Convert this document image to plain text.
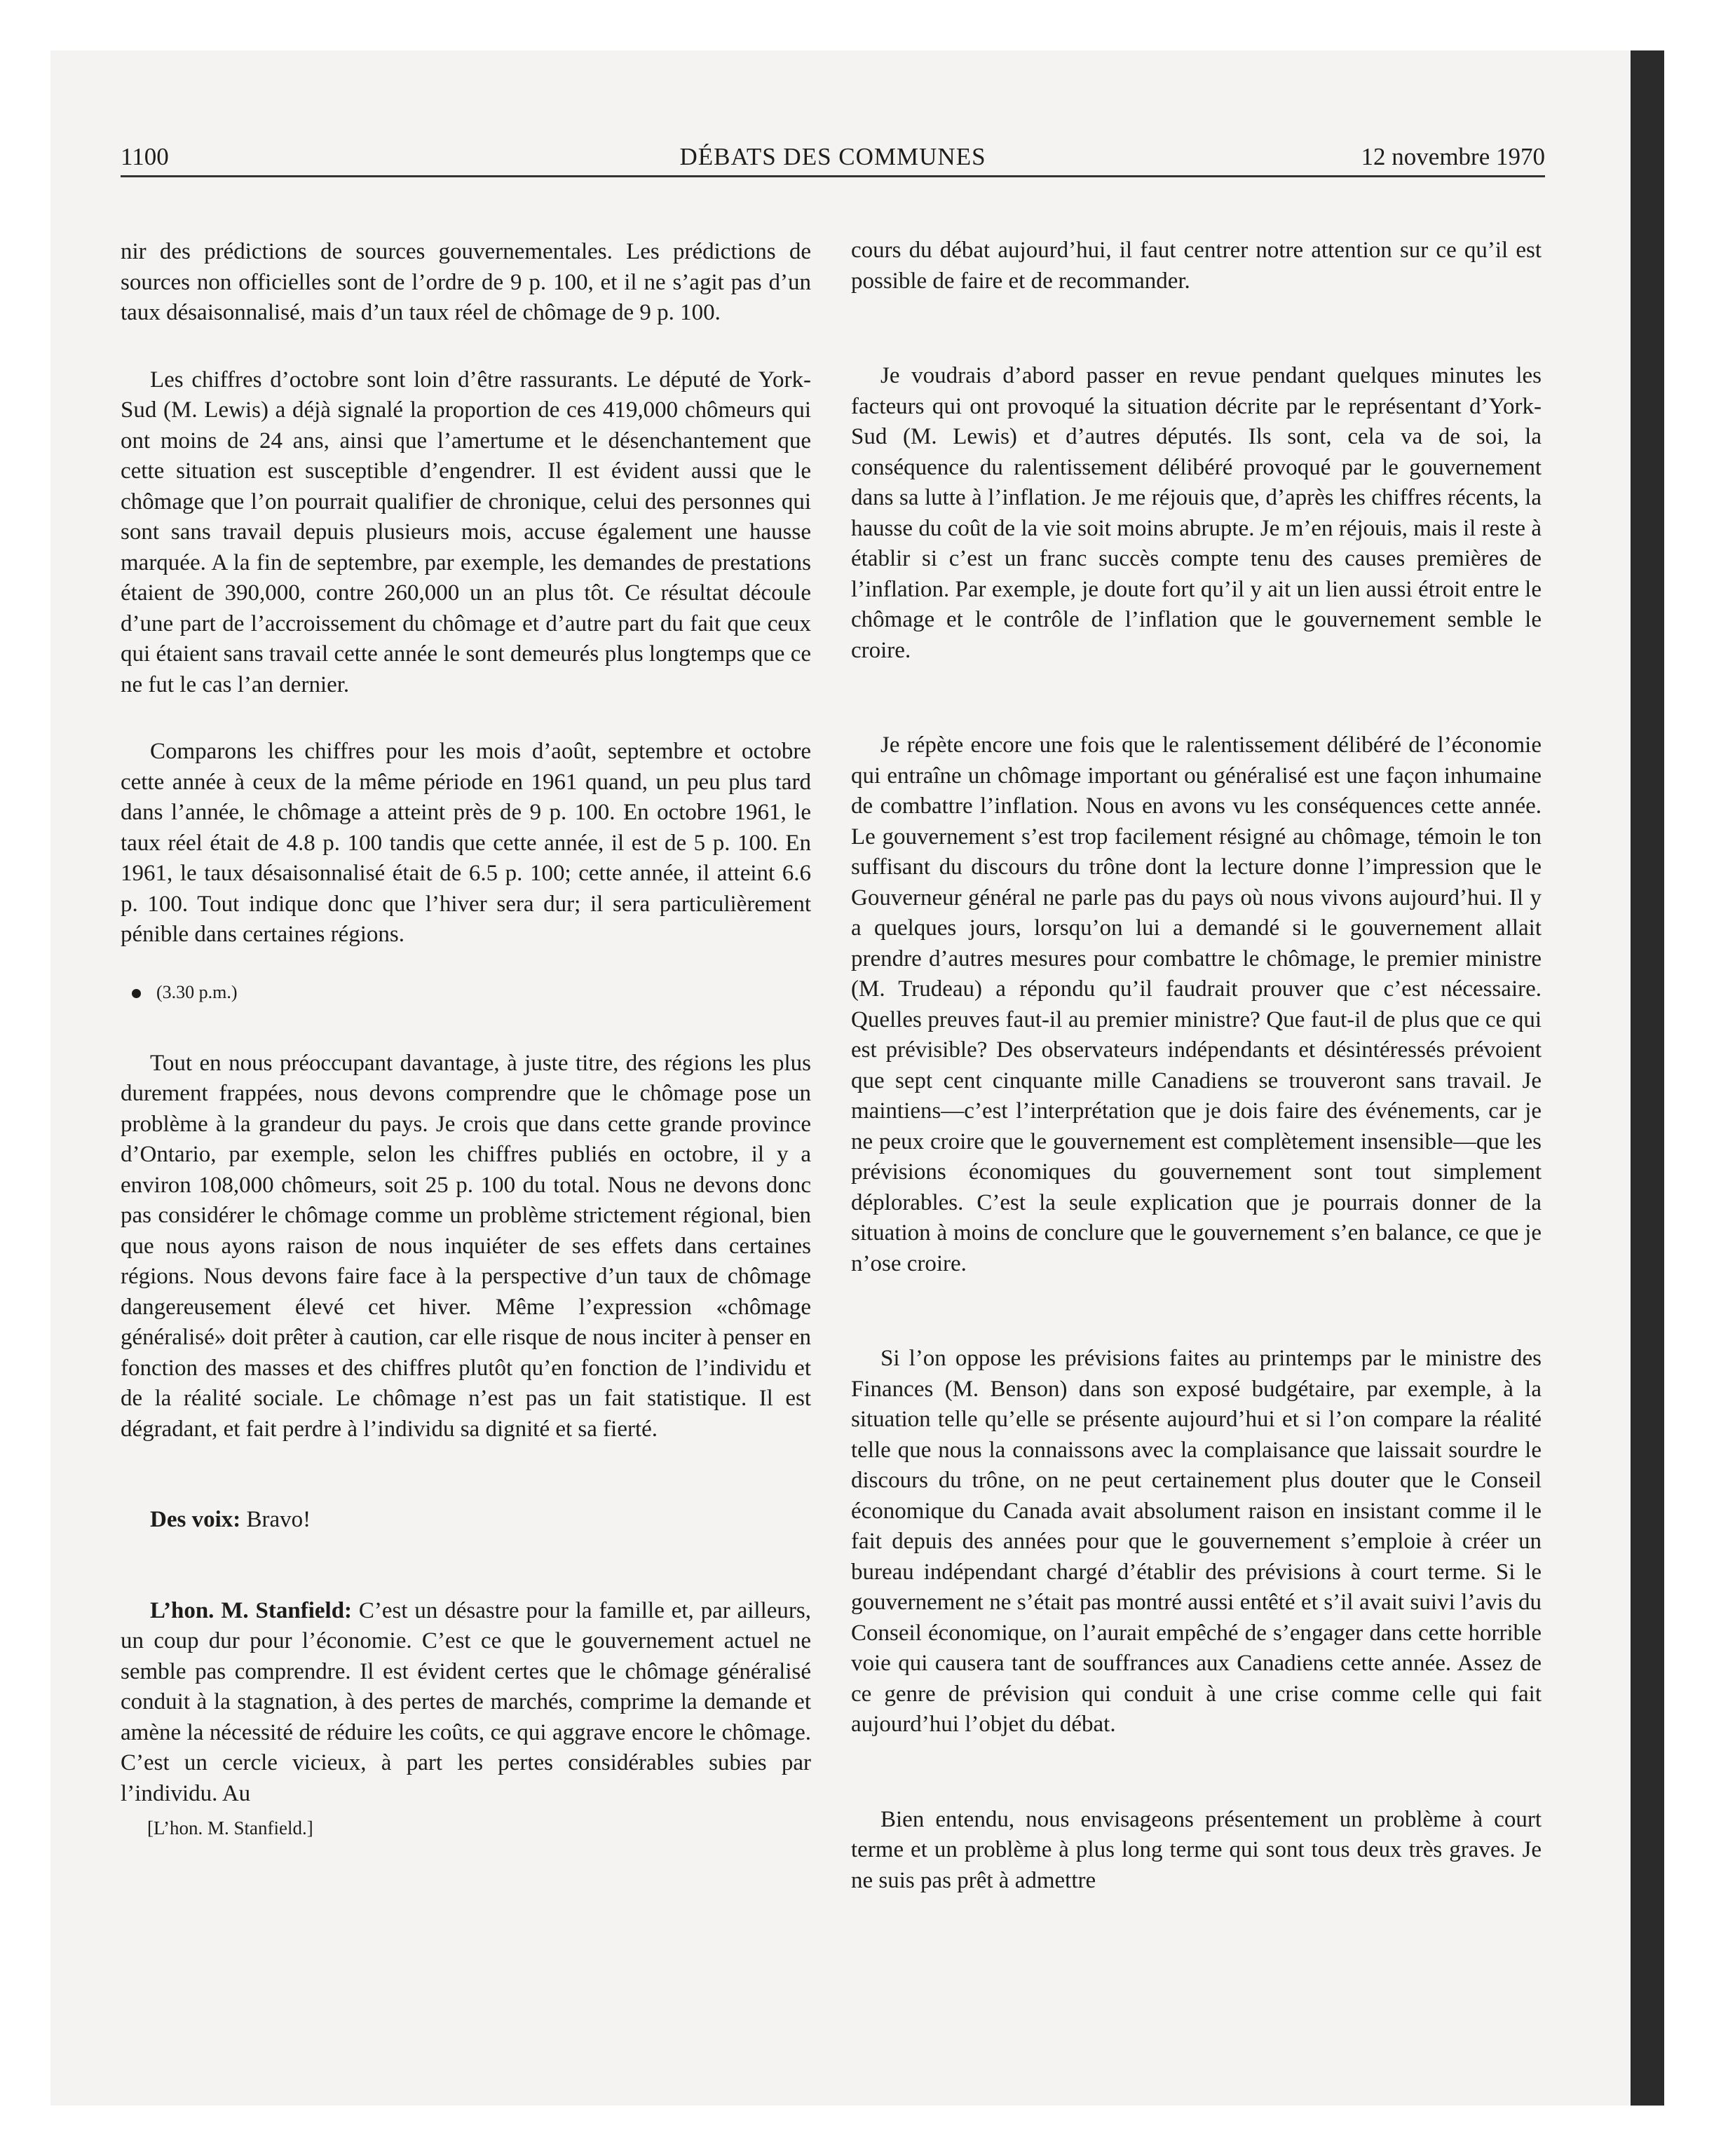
1100	DÉBATS DES COMMUNES	12 novembre 1970

nir des prédictions de sources gouvernementales. Les prédictions de sources non officielles sont de l’ordre de 9 p. 100, et il ne s’agit pas d’un taux désaisonnalisé, mais d’un taux réel de chômage de 9 p. 100.

Les chiffres d’octobre sont loin d’être rassurants. Le député de York-Sud (M. Lewis) a déjà signalé la proportion de ces 419,000 chômeurs qui ont moins de 24 ans, ainsi que l’amertume et le désenchantement que cette situation est susceptible d’engendrer. Il est évident aussi que le chômage que l’on pourrait qualifier de chronique, celui des personnes qui sont sans travail depuis plusieurs mois, accuse également une hausse marquée. A la fin de septembre, par exemple, les demandes de prestations étaient de 390,000, contre 260,000 un an plus tôt. Ce résultat découle d’une part de l’accroissement du chômage et d’autre part du fait que ceux qui étaient sans travail cette année le sont demeurés plus longtemps que ce ne fut le cas l’an dernier.

Comparons les chiffres pour les mois d’août, septembre et octobre cette année à ceux de la même période en 1961 quand, un peu plus tard dans l’année, le chômage a atteint près de 9 p. 100. En octobre 1961, le taux réel était de 4.8 p. 100 tandis que cette année, il est de 5 p. 100. En 1961, le taux désaisonnalisé était de 6.5 p. 100; cette année, il atteint 6.6 p. 100. Tout indique donc que l’hiver sera dur; il sera particulièrement pénible dans certaines régions.

(3.30 p.m.)

Tout en nous préoccupant davantage, à juste titre, des régions les plus durement frappées, nous devons comprendre que le chômage pose un problème à la grandeur du pays. Je crois que dans cette grande province d’Ontario, par exemple, selon les chiffres publiés en octobre, il y a environ 108,000 chômeurs, soit 25 p. 100 du total. Nous ne devons donc pas considérer le chômage comme un problème strictement régional, bien que nous ayons raison de nous inquiéter de ses effets dans certaines régions. Nous devons faire face à la perspective d’un taux de chômage dangereusement élevé cet hiver. Même l’expression «chômage généralisé» doit prêter à caution, car elle risque de nous inciter à penser en fonction des masses et des chiffres plutôt qu’en fonction de l’individu et de la réalité sociale. Le chômage n’est pas un fait statistique. Il est dégradant, et fait perdre à l’individu sa dignité et sa fierté.

Des voix: Bravo!

L’hon. M. Stanfield: C’est un désastre pour la famille et, par ailleurs, un coup dur pour l’économie. C’est ce que le gouvernement actuel ne semble pas comprendre. Il est évident certes que le chômage généralisé conduit à la stagnation, à des pertes de marchés, comprime la demande et amène la nécessité de réduire les coûts, ce qui aggrave encore le chômage. C’est un cercle vicieux, à part les pertes considérables subies par l’individu. Au

[L’hon. M. Stanfield.]

cours du débat aujourd’hui, il faut centrer notre attention sur ce qu’il est possible de faire et de recommander.

Je voudrais d’abord passer en revue pendant quelques minutes les facteurs qui ont provoqué la situation décrite par le représentant d’York-Sud (M. Lewis) et d’autres députés. Ils sont, cela va de soi, la conséquence du ralentissement délibéré provoqué par le gouvernement dans sa lutte à l’inflation. Je me réjouis que, d’après les chiffres récents, la hausse du coût de la vie soit moins abrupte. Je m’en réjouis, mais il reste à établir si c’est un franc succès compte tenu des causes premières de l’inflation. Par exemple, je doute fort qu’il y ait un lien aussi étroit entre le chômage et le contrôle de l’inflation que le gouvernement semble le croire.

Je répète encore une fois que le ralentissement délibéré de l’économie qui entraîne un chômage important ou généralisé est une façon inhumaine de combattre l’inflation. Nous en avons vu les conséquences cette année. Le gouvernement s’est trop facilement résigné au chômage, témoin le ton suffisant du discours du trône dont la lecture donne l’impression que le Gouverneur général ne parle pas du pays où nous vivons aujourd’hui. Il y a quelques jours, lorsqu’on lui a demandé si le gouvernement allait prendre d’autres mesures pour combattre le chômage, le premier ministre (M. Trudeau) a répondu qu’il faudrait prouver que c’est nécessaire. Quelles preuves faut-il au premier ministre? Que faut-il de plus que ce qui est prévisible? Des observateurs indépendants et désintéressés prévoient que sept cent cinquante mille Canadiens se trouveront sans travail. Je maintiens—c’est l’interprétation que je dois faire des événements, car je ne peux croire que le gouvernement est complètement insensible—que les prévisions économiques du gouvernement sont tout simplement déplorables. C’est la seule explication que je pourrais donner de la situation à moins de conclure que le gouvernement s’en balance, ce que je n’ose croire.

Si l’on oppose les prévisions faites au printemps par le ministre des Finances (M. Benson) dans son exposé budgétaire, par exemple, à la situation telle qu’elle se présente aujourd’hui et si l’on compare la réalité telle que nous la connaissons avec la complaisance que laissait sourdre le discours du trône, on ne peut certainement plus douter que le Conseil économique du Canada avait absolument raison en insistant comme il le fait depuis des années pour que le gouvernement s’emploie à créer un bureau indépendant chargé d’établir des prévisions à court terme. Si le gouvernement ne s’était pas montré aussi entêté et s’il avait suivi l’avis du Conseil économique, on l’aurait empêché de s’engager dans cette horrible voie qui causera tant de souffrances aux Canadiens cette année. Assez de ce genre de prévision qui conduit à une crise comme celle qui fait aujourd’hui l’objet du débat.

Bien entendu, nous envisageons présentement un problème à court terme et un problème à plus long terme qui sont tous deux très graves. Je ne suis pas prêt à admettre
